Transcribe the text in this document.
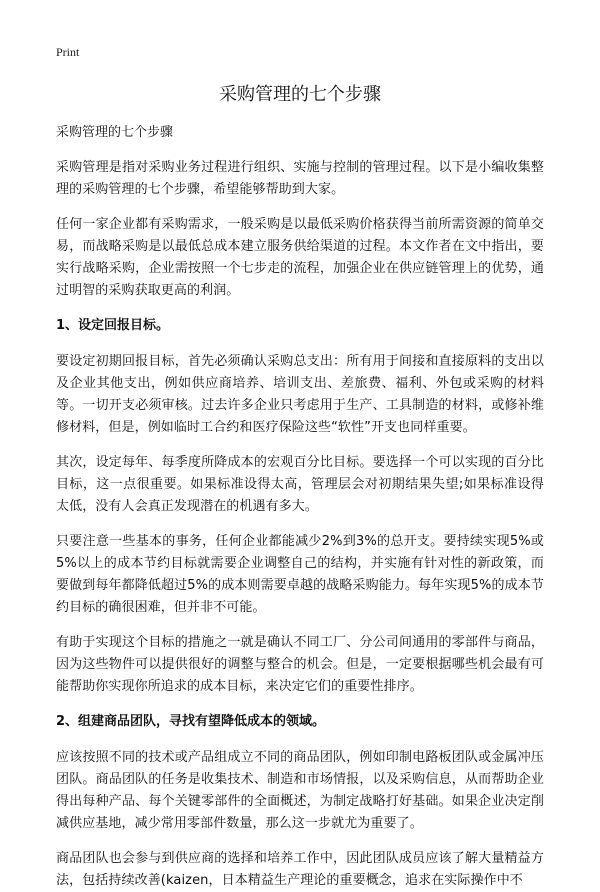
Print
采购管理的七个步骤
采购管理的七个步骤

采购管理是指对采购业务过程进行组织、实施与控制的管理过程。以下是小编收集整理的采购管理的七个步骤，希望能够帮助到大家。

任何一家企业都有采购需求，一般采购是以最低采购价格获得当前所需资源的简单交易，而战略采购是以最低总成本建立服务供给渠道的过程。本文作者在文中指出，要实行战略采购，企业需按照一个七步走的流程，加强企业在供应链管理上的优势，通过明智的采购获取更高的利润。

1、设定回报目标。

要设定初期回报目标，首先必须确认采购总支出：所有用于间接和直接原料的支出以及企业其他支出，例如供应商培养、培训支出、差旅费、福利、外包或采购的材料等。一切开支必须审核。过去许多企业只考虑用于生产、工具制造的材料，或修补维修材料，但是，例如临时工合约和医疗保险这些“软性”开支也同样重要。

其次，设定每年、每季度所降成本的宏观百分比目标。要选择一个可以实现的百分比目标，这一点很重要。如果标准设得太高，管理层会对初期结果失望;如果标准设得太低，没有人会真正发现潜在的机遇有多大。

只要注意一些基本的事务，任何企业都能减少2%到3%的总开支。要持续实现5%或5%以上的成本节约目标就需要企业调整自己的结构，并实施有针对性的新政策，而要做到每年都降低超过5%的成本则需要卓越的战略采购能力。每年实现5%的成本节约目标的确很困难，但并非不可能。

有助于实现这个目标的措施之一就是确认不同工厂、分公司间通用的零部件与商品，因为这些物件可以提供很好的调整与整合的机会。但是，一定要根据哪些机会最有可能帮助你实现你所追求的成本目标，来决定它们的重要性排序。

2、组建商品团队，寻找有望降低成本的领域。

应该按照不同的技术或产品组成立不同的商品团队，例如印制电路板团队或金属冲压团队。商品团队的任务是收集技术、制造和市场情报，以及采购信息，从而帮助企业得出每种产品、每个关键零部件的全面概述，为制定战略打好基础。如果企业决定削减供应基地，减少常用零部件数量，那么这一步就尤为重要了。

商品团队也会参与到供应商的选择和培养工作中，因此团队成员应该了解大量精益方法，包括持续改善(kaizen，日本精益生产理论的重要概念，追求在实际操作中不
